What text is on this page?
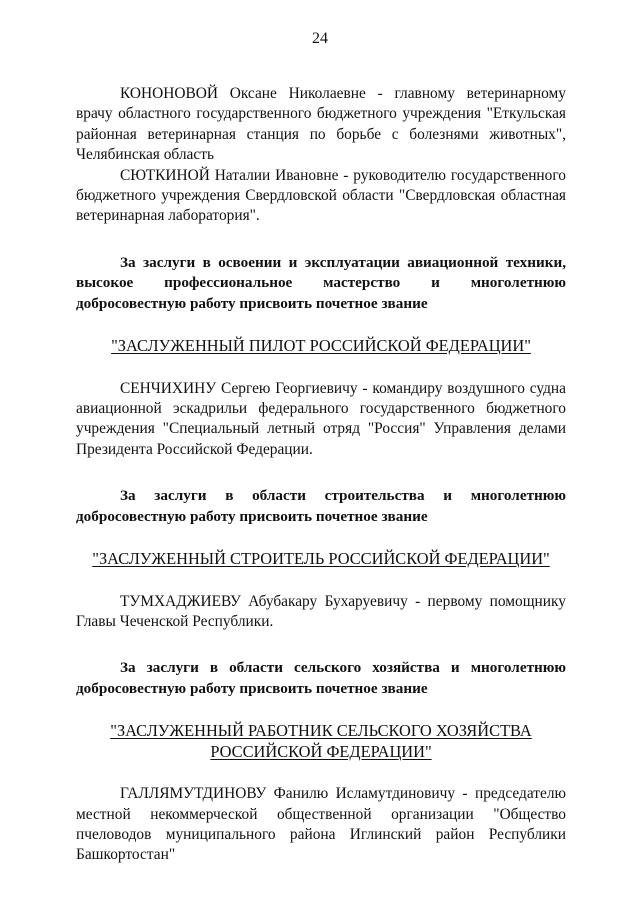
24

КОНОНОВОЙ Оксане Николаевне - главному ветеринарному врачу областного государственного бюджетного учреждения "Еткульская районная ветеринарная станция по борьбе с болезнями животных", Челябинская область

СЮТКИНОЙ Наталии Ивановне - руководителю государственного бюджетного учреждения Свердловской области "Свердловская областная ветеринарная лаборатория".

За заслуги в освоении и эксплуатации авиационной техники, высокое профессиональное мастерство и многолетнюю добросовестную работу присвоить почетное звание

"ЗАСЛУЖЕННЫЙ ПИЛОТ РОССИЙСКОЙ ФЕДЕРАЦИИ"

СЕНЧИХИНУ Сергею Георгиевичу - командиру воздушного судна авиационной эскадрильи федерального государственного бюджетного учреждения "Специальный летный отряд "Россия" Управления делами Президента Российской Федерации.

За заслуги в области строительства и многолетнюю добросовестную работу присвоить почетное звание

"ЗАСЛУЖЕННЫЙ СТРОИТЕЛЬ РОССИЙСКОЙ ФЕДЕРАЦИИ"

ТУМХАДЖИЕВУ Абубакару Бухаруевичу - первому помощнику Главы Чеченской Республики.

За заслуги в области сельского хозяйства и многолетнюю добросовестную работу присвоить почетное звание

"ЗАСЛУЖЕННЫЙ РАБОТНИК СЕЛЬСКОГО ХОЗЯЙСТВА РОССИЙСКОЙ ФЕДЕРАЦИИ"

ГАЛЛЯМУТДИНОВУ Фанилю Исламутдиновичу - председателю местной некоммерческой общественной организации "Общество пчеловодов муниципального района Иглинский район Республики Башкортостан"
